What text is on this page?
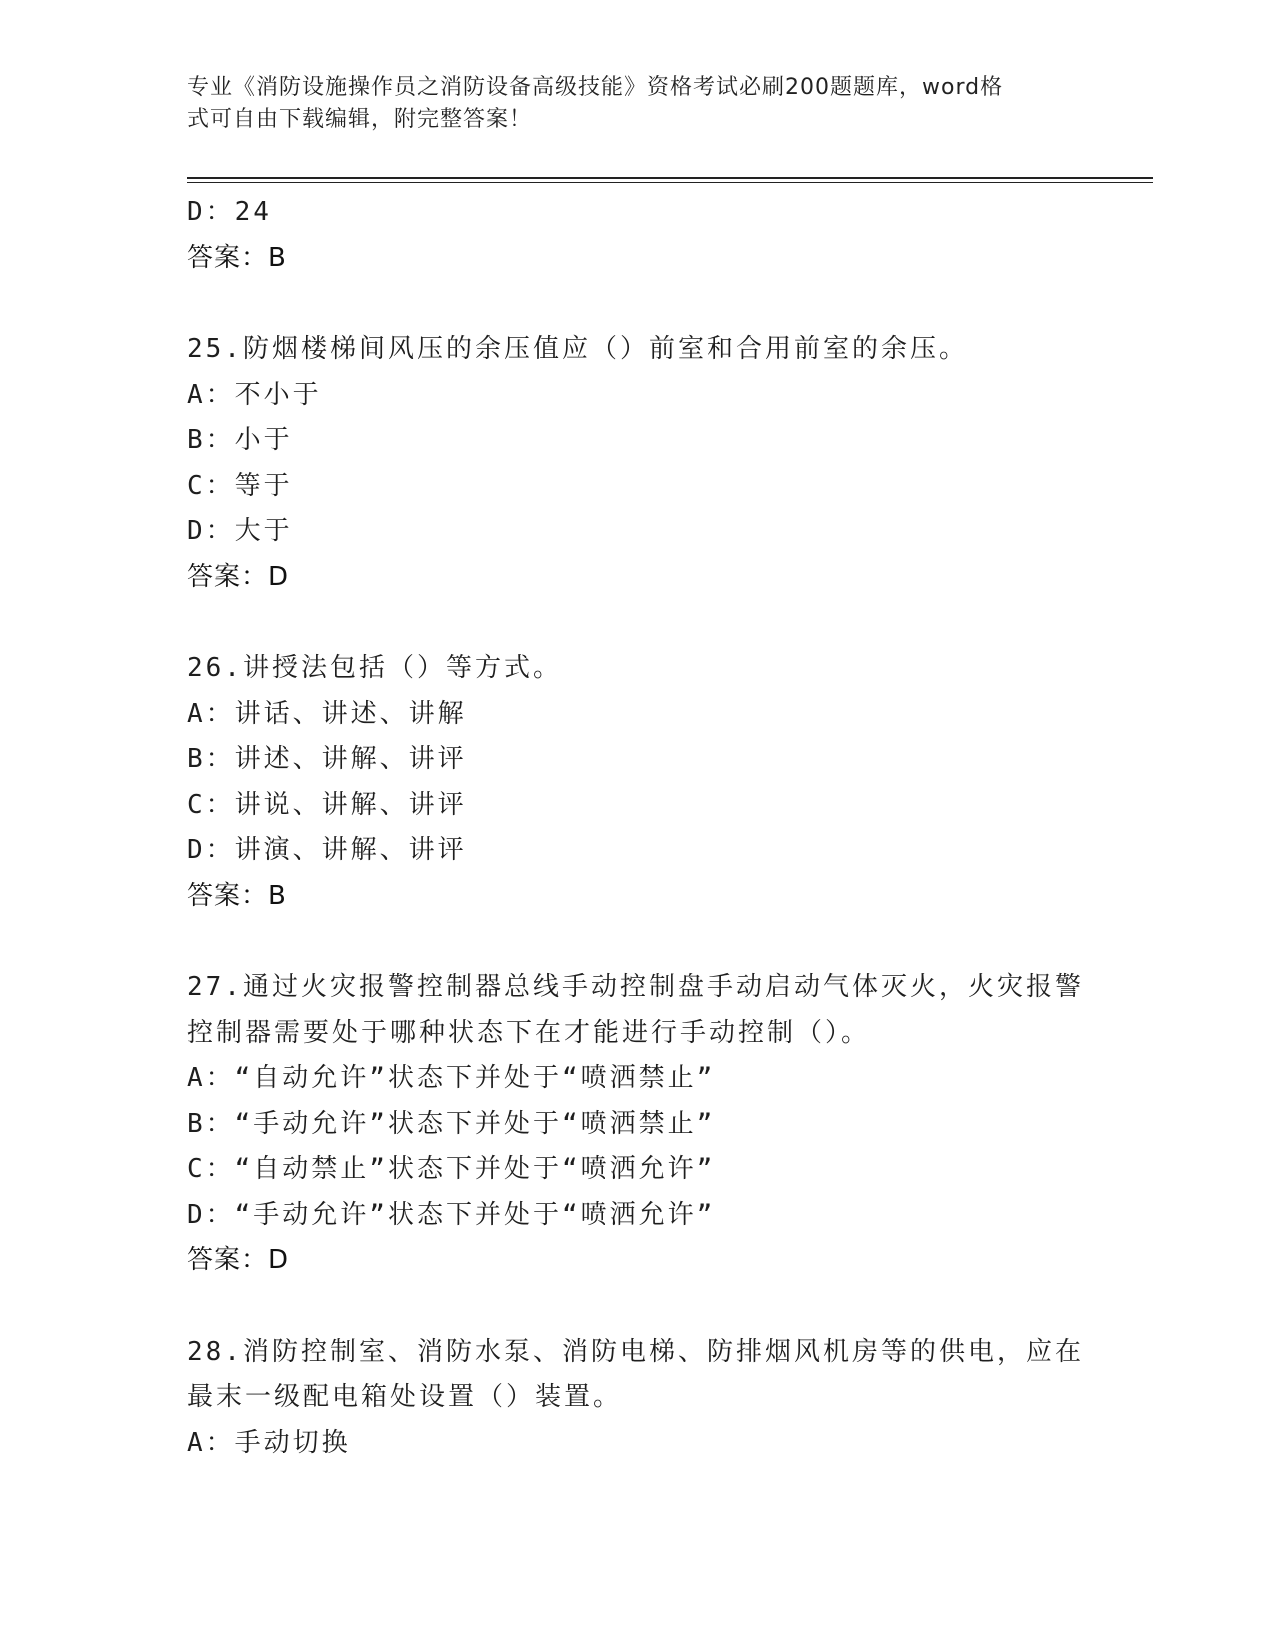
专业《消防设施操作员之消防设备高级技能》资格考试必刷200题题库，word格
式可自由下载编辑，附完整答案！
D：24
答案：B
25.防烟楼梯间风压的余压值应（）前室和合用前室的余压。
A：不小于
B：小于
C：等于
D：大于
答案：D
26.讲授法包括（）等方式。
A：讲话、讲述、讲解
B：讲述、讲解、讲评
C：讲说、讲解、讲评
D：讲演、讲解、讲评
答案：B
27.通过火灾报警控制器总线手动控制盘手动启动气体灭火，火灾报警
控制器需要处于哪种状态下在才能进行手动控制（）。
A：“自动允许”状态下并处于“喷洒禁止”
B：“手动允许”状态下并处于“喷洒禁止”
C：“自动禁止”状态下并处于“喷洒允许”
D：“手动允许”状态下并处于“喷洒允许”
答案：D
28.消防控制室、消防水泵、消防电梯、防排烟风机房等的供电，应在
最末一级配电箱处设置（）装置。
A：手动切换
